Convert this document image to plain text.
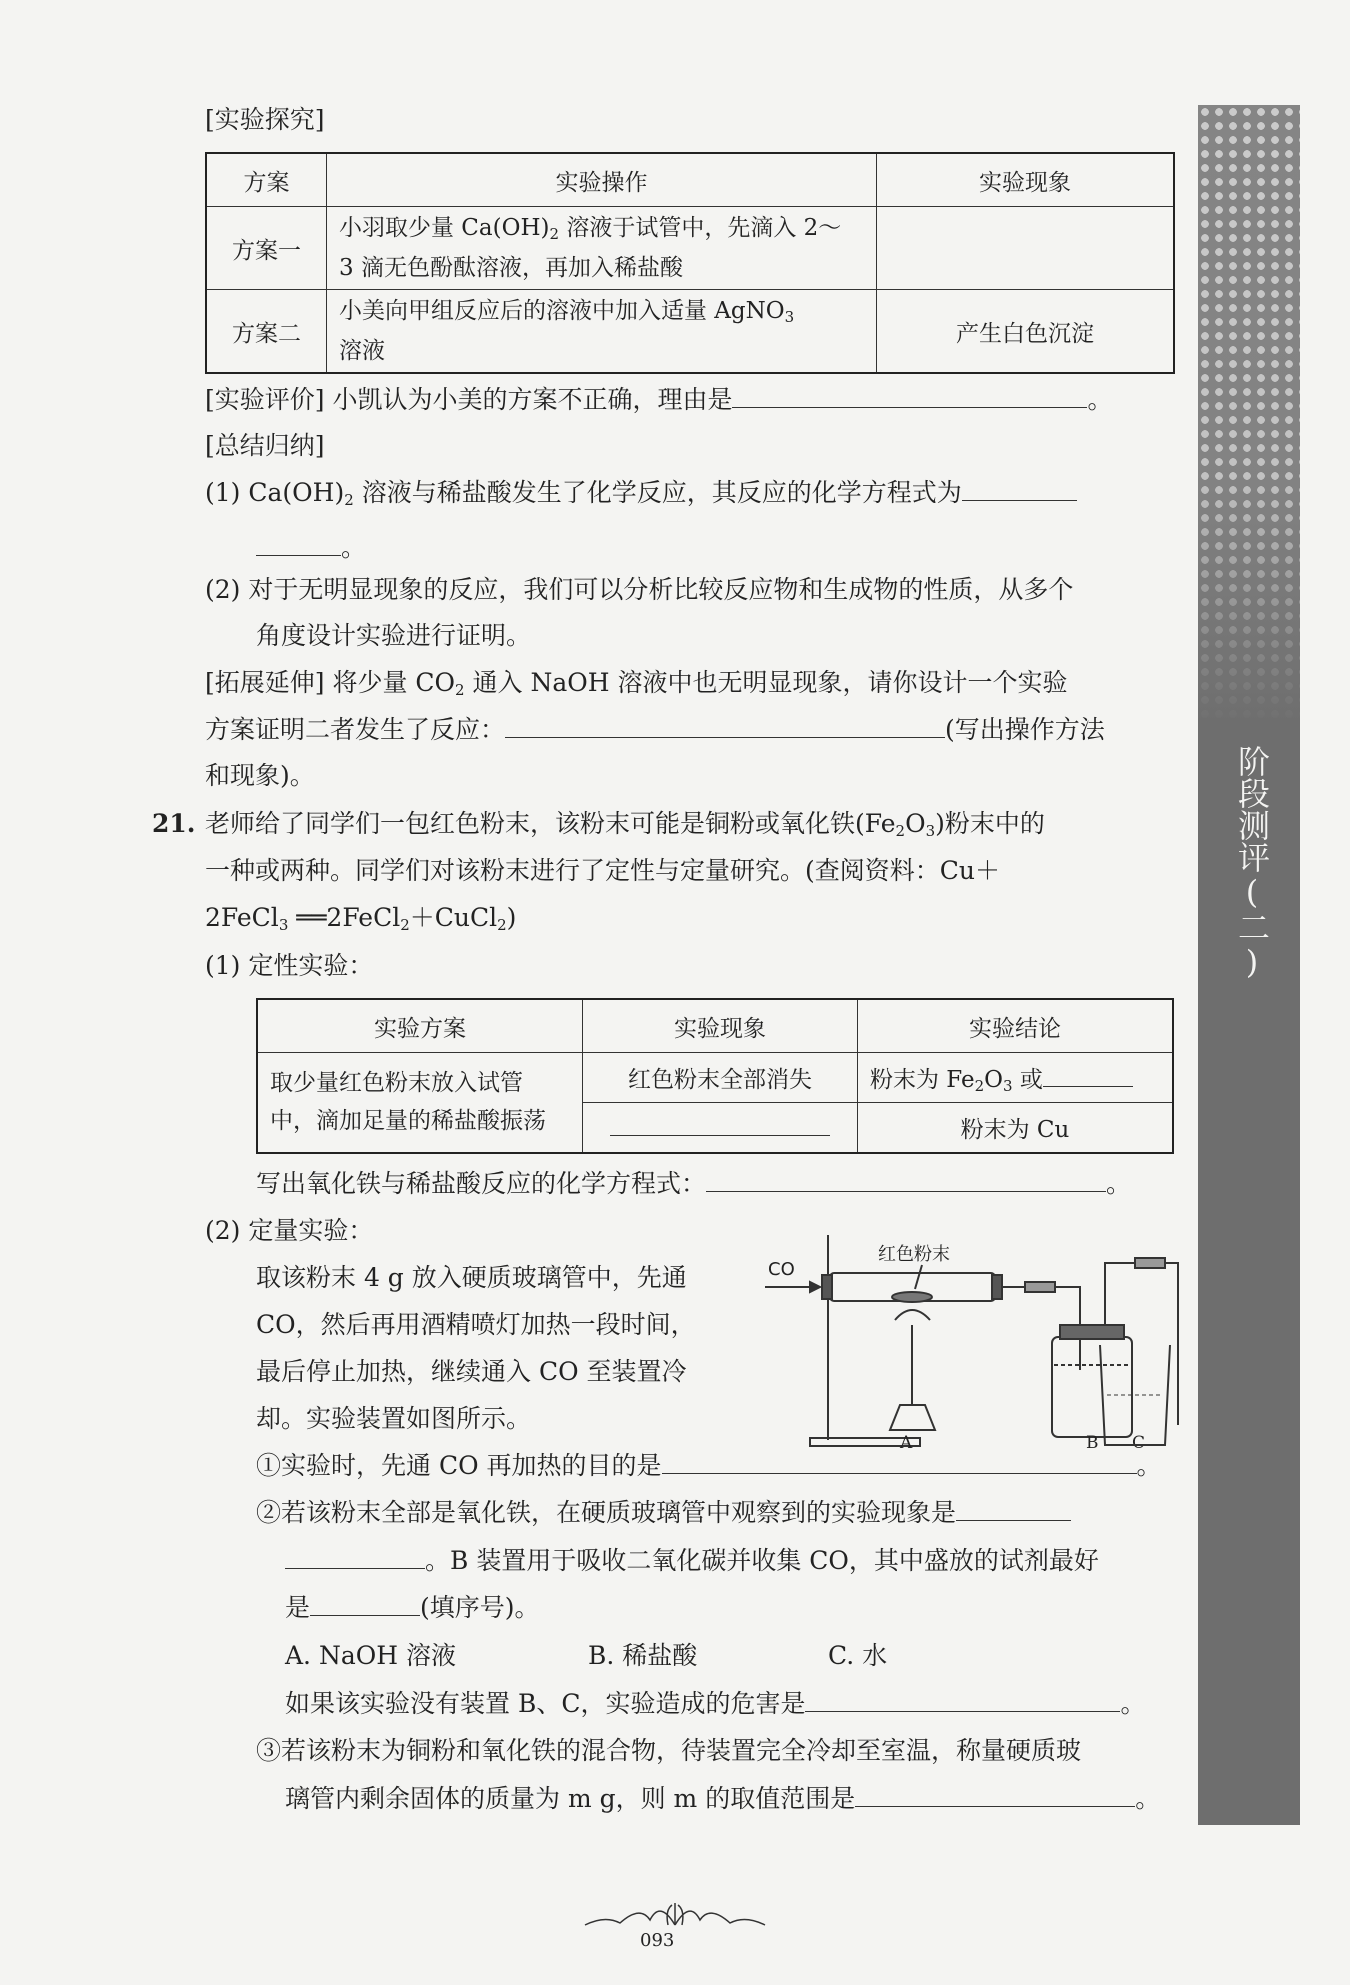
[实验探究]
方案	实验操作	实验现象
方案一	小羽取少量 $Ca(OH)_2$ 溶液于试管中，先滴入 2～
3 滴无色酚酞溶液，再加入稀盐酸	
方案二	小美向甲组反应后的溶液中加入适量 AgNO$_3$
溶液	产生白色沉淀
[实验评价] 小凯认为小美的方案不正确，理由是	。
[总结归纳]
(1) $Ca(OH)_2$ 溶液与稀盐酸发生了化学反应，其反应的化学方程式为
。
(2) 对于无明显现象的反应，我们可以分析比较反应物和生成物的性质，从多个
角度设计实验进行证明。
[拓展延伸] 将少量 $CO_2$ 通入 NaOH 溶液中也无明显现象，请你设计一个实验
方案证明二者发生了反应：	(写出操作方法
和现象)。
21. 老师给了同学们一包红色粉末，该粉末可能是铜粉或氧化铁$(Fe_2O_3)$粉末中的
一种或两种。同学们对该粉末进行了定性与定量研究。(查阅资料：Cu＋
2FeCl$_3$ ══2FeCl$_2$＋CuCl$_2$)
(1) 定性实验：
实验方案	实验现象	实验结论
取少量红色粉末放入试管
中，滴加足量的稀盐酸振荡	红色粉末全部消失	粉末为 $Fe_2O_3$ 或
		粉末为 Cu
写出氧化铁与稀盐酸反应的化学方程式：	。
(2) 定量实验：
取该粉末 4 g 放入硬质玻璃管中，先通
CO，然后再用酒精喷灯加热一段时间，
最后停止加热，继续通入 CO 至装置冷
却。实验装置如图所示。
CO
红色粉末
A	B C
①实验时，先通 CO 再加热的目的是	。
②若该粉末全部是氧化铁，在硬质玻璃管中观察到的实验现象是
。B 装置用于吸收二氧化碳并收集 CO，其中盛放的试剂最好
是	(填序号)。
A. NaOH 溶液	B. 稀盐酸	C. 水
如果该实验没有装置 B、C，实验造成的危害是	。
③若该粉末为铜粉和氧化铁的混合物，待装置完全冷却至室温，称量硬质玻
璃管内剩余固体的质量为 m g，则 m 的取值范围是	。
阶段测评(二)
093
